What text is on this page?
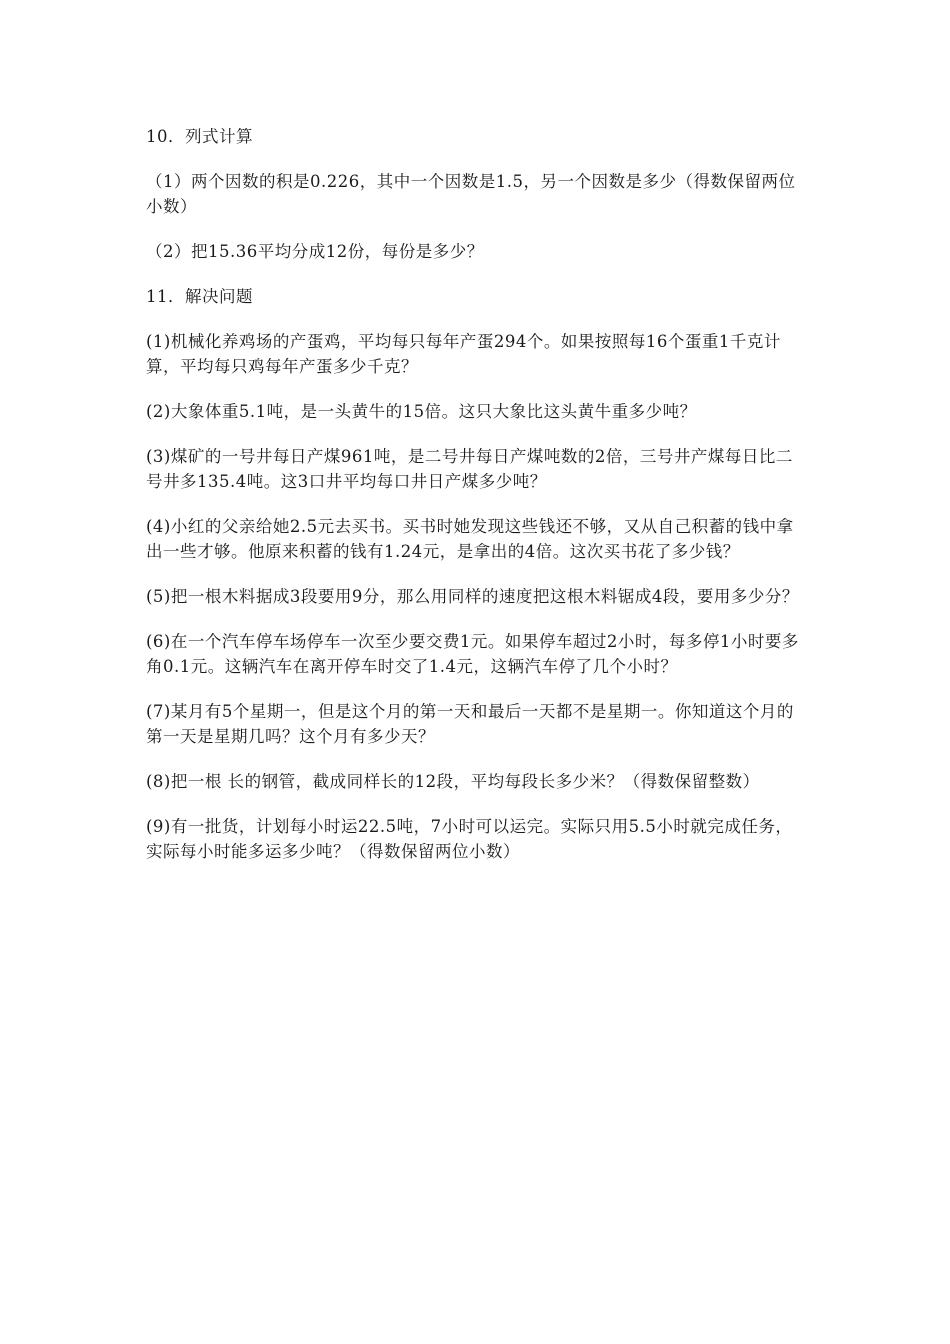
10．列式计算
（1）两个因数的积是0.226，其中一个因数是1.5，另一个因数是多少（得数保留两位小数）
（2）把15.36平均分成12份，每份是多少？
11．解决问题
(1)机械化养鸡场的产蛋鸡，平均每只每年产蛋294个。如果按照每16个蛋重1千克计算，平均每只鸡每年产蛋多少千克？
(2)大象体重5.1吨，是一头黄牛的15倍。这只大象比这头黄牛重多少吨？
(3)煤矿的一号井每日产煤961吨，是二号井每日产煤吨数的2倍，三号井产煤每日比二号井多135.4吨。这3口井平均每口井日产煤多少吨？
(4)小红的父亲给她2.5元去买书。买书时她发现这些钱还不够，又从自己积蓄的钱中拿出一些才够。他原来积蓄的钱有1.24元，是拿出的4倍。这次买书花了多少钱？
(5)把一根木料据成3段要用9分，那么用同样的速度把这根木料锯成4段，要用多少分？
(6)在一个汽车停车场停车一次至少要交费1元。如果停车超过2小时，每多停1小时要多角0.1元。这辆汽车在离开停车时交了1.4元，这辆汽车停了几个小时？
(7)某月有5个星期一，但是这个月的第一天和最后一天都不是星期一。你知道这个月的第一天是星期几吗？这个月有多少天？
(8)把一根 长的钢管，截成同样长的12段，平均每段长多少米？（得数保留整数）
(9)有一批货，计划每小时运22.5吨，7小时可以运完。实际只用5.5小时就完成任务，实际每小时能多运多少吨？（得数保留两位小数）
